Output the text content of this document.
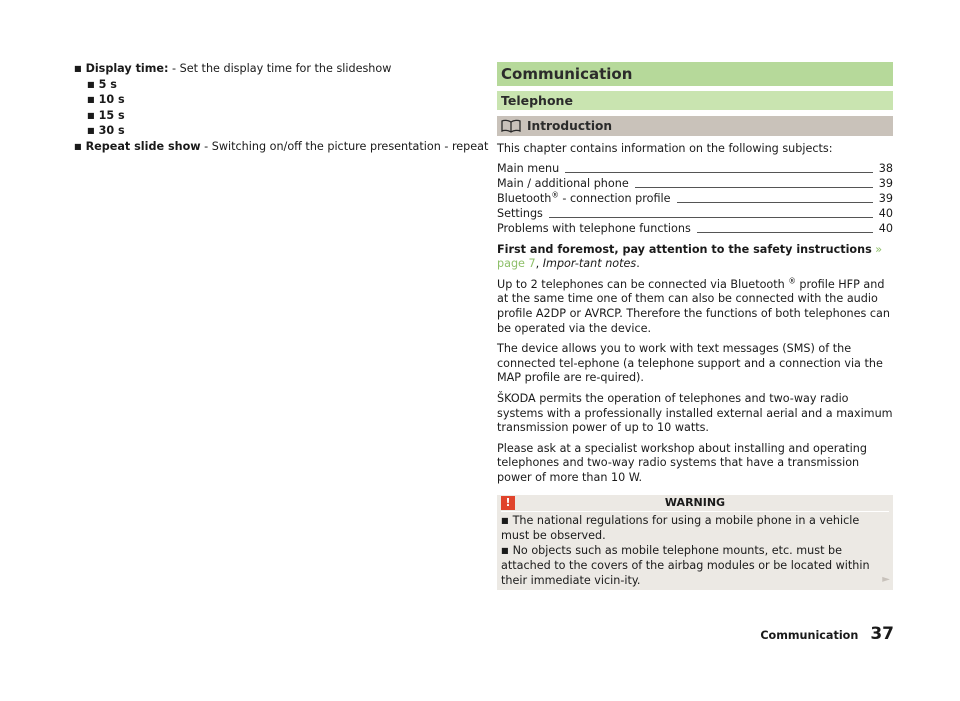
■ Display time: - Set the display time for the slideshow
■ 5 s
■ 10 s
■ 15 s
■ 30 s
■ Repeat slide show - Switching on/off the picture presentation - repeat
Communication
Telephone
Introduction
This chapter contains information on the following subjects:
Main menu	38
Main / additional phone	39
Bluetooth® - connection profile	39
Settings	40
Problems with telephone functions	40
First and foremost, pay attention to the safety instructions » page 7, Impor-tant notes.
Up to 2 telephones can be connected via Bluetooth ® profile HFP and at the same time one of them can also be connected with the audio profile A2DP or AVRCP. Therefore the functions of both telephones can be operated via the device.
The device allows you to work with text messages (SMS) of the connected tel-ephone (a telephone support and a connection via the MAP profile are re-quired).
ŠKODA permits the operation of telephones and two-way radio systems with a professionally installed external aerial and a maximum transmission power of up to 10 watts.
Please ask at a specialist workshop about installing and operating telephones and two-way radio systems that have a transmission power of more than 10 W.
!	WARNING
■ The national regulations for using a mobile phone in a vehicle must be observed.
■ No objects such as mobile telephone mounts, etc. must be attached to the covers of the airbag modules or be located within their immediate vicin-ity.	►
Communication 37
